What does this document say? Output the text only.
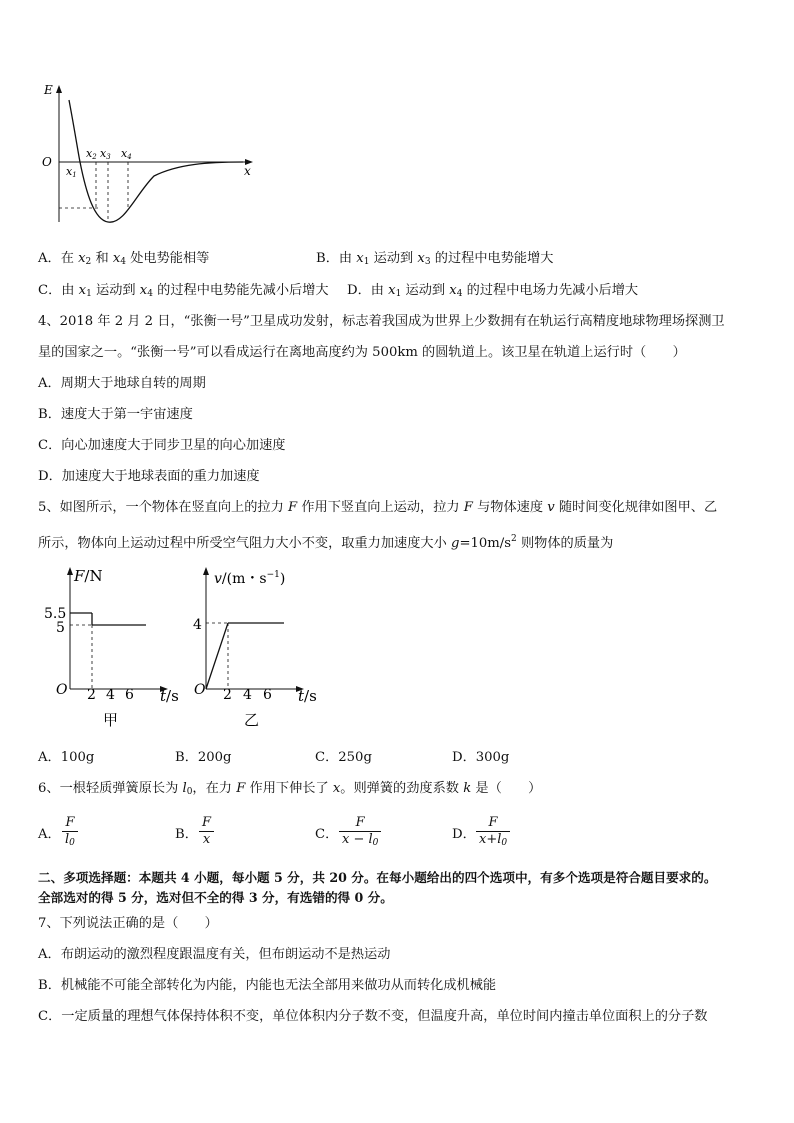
E
O
x
x1
x2 x3 x4
A．在 $x_2$ 和 $x_4$ 处电势能相等	B．由 $x_1$ 运动到 $x_3$ 的过程中电势能增大
C．由 $x_1$ 运动到 $x_4$ 的过程中电势能先减小后增大 D．由 $x_1$ 运动到 $x_4$ 的过程中电场力先减小后增大
4、2018 年 2 月 2 日，“张衡一号”卫星成功发射，标志着我国成为世界上少数拥有在轨运行高精度地球物理场探测卫
星的国家之一。“张衡一号”可以看成运行在离地高度约为 500km 的圆轨道上。该卫星在轨道上运行时（　　）
A．周期大于地球自转的周期
B．速度大于第一宇宙速度
C．向心加速度大于同步卫星的向心加速度
D．加速度大于地球表面的重力加速度
5、如图所示，一个物体在竖直向上的拉力 F 作用下竖直向上运动，拉力 F 与物体速度 v 随时间变化规律如图甲、乙
所示，物体向上运动过程中所受空气阻力大小不变，取重力加速度大小 $g=10m/s^2$ 则物体的质量为
F/N
5.5
5
O 2 4 6 t/s
甲
v/(m・$s^{-1}$)
4
O 2 4 6 t/s
乙
A．100g	B．200g	C．250g	D．300g
6、一根轻质弹簧原长为 $l_0$，在力 F 作用下伸长了 x。则弹簧的劲度系数 k 是（　　）
A． $\frac{F}{l_0}$	B． $\frac{F}{x}$	C． $\frac{F}{x - l_0}$	D． $\frac{F}{x+l_0}$
二、多项选择题：本题共 4 小题，每小题 5 分，共 20 分。在每小题给出的四个选项中，有多个选项是符合题目要求的。
全部选对的得 5 分，选对但不全的得 3 分，有选错的得 0 分。
7、下列说法正确的是（　　）
A．布朗运动的激烈程度跟温度有关，但布朗运动不是热运动
B．机械能不可能全部转化为内能，内能也无法全部用来做功从而转化成机械能
C．一定质量的理想气体保持体积不变，单位体积内分子数不变，但温度升高，单位时间内撞击单位面积上的分子数
